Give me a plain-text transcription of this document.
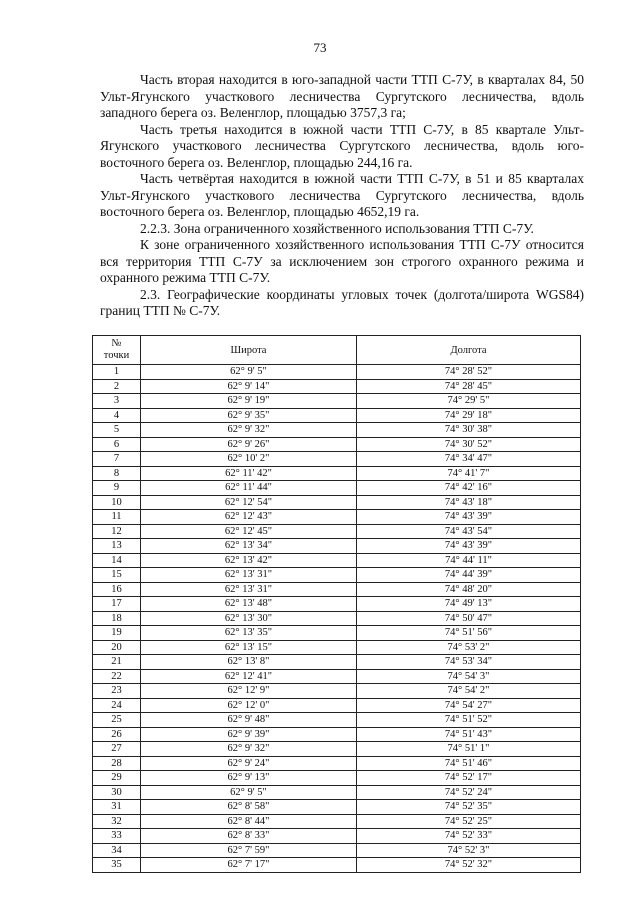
73

Часть вторая находится в юго-западной части ТТП С-7У, в кварталах 84, 50 Ульт-Ягунского участкового лесничества Сургутского лесничества, вдоль западного берега оз. Веленглор, площадью 3757,3 га;

Часть третья находится в южной части ТТП С-7У, в 85 квартале Ульт-Ягунского участкового лесничества Сургутского лесничества, вдоль юго-восточного берега оз. Веленглор, площадью 244,16 га.

Часть четвёртая находится в южной части ТТП С-7У, в 51 и 85 кварталах Ульт-Ягунского участкового лесничества Сургутского лесничества, вдоль восточного берега оз. Веленглор, площадью 4652,19 га.

2.2.3. Зона ограниченного хозяйственного использования ТТП С-7У.

К зоне ограниченного хозяйственного использования ТТП С-7У относится вся территория ТТП С-7У за исключением зон строгого охранного режима и охранного режима ТТП С-7У.

2.3. Географические координаты угловых точек (долгота/широта WGS84) границ ТТП № С-7У.

№
точки	Широта	Долгота
1	62° 9' 5"	74° 28' 52"
2	62° 9' 14"	74° 28' 45"
3	62° 9' 19"	74° 29' 5"
4	62° 9' 35"	74° 29' 18"
5	62° 9' 32"	74° 30' 38"
6	62° 9' 26"	74° 30' 52"
7	62° 10' 2"	74° 34' 47"
8	62° 11' 42"	74° 41' 7"
9	62° 11' 44"	74° 42' 16"
10	62° 12' 54"	74° 43' 18"
11	62° 12' 43"	74° 43' 39"
12	62° 12' 45"	74° 43' 54"
13	62° 13' 34"	74° 43' 39"
14	62° 13' 42"	74° 44' 11"
15	62° 13' 31"	74° 44' 39"
16	62° 13' 31"	74° 48' 20"
17	62° 13' 48"	74° 49' 13"
18	62° 13' 30"	74° 50' 47"
19	62° 13' 35"	74° 51' 56"
20	62° 13' 15"	74° 53' 2"
21	62° 13' 8"	74° 53' 34"
22	62° 12' 41"	74° 54' 3"
23	62° 12' 9"	74° 54' 2"
24	62° 12' 0"	74° 54' 27"
25	62° 9' 48"	74° 51' 52"
26	62° 9' 39"	74° 51' 43"
27	62° 9' 32"	74° 51' 1"
28	62° 9' 24"	74° 51' 46"
29	62° 9' 13"	74° 52' 17"
30	62° 9' 5"	74° 52' 24"
31	62° 8' 58"	74° 52' 35"
32	62° 8' 44"	74° 52' 25"
33	62° 8' 33"	74° 52' 33"
34	62° 7' 59"	74° 52' 3"
35	62° 7' 17"	74° 52' 32"
